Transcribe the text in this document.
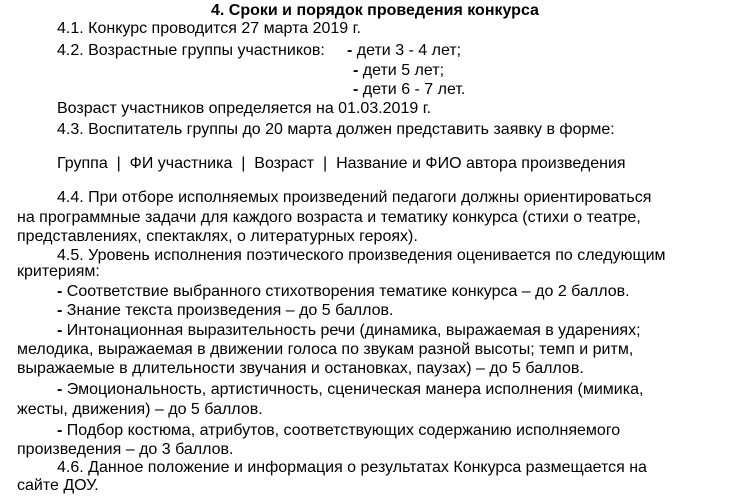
4. Сроки и порядок проведения конкурса
4.1. Конкурс проводится 27 марта 2019 г.
4.2. Возрастные группы участников: - дети 3 - 4 лет;
- дети 5 лет;
- дети 6 - 7 лет.
Возраст участников определяется на 01.03.2019 г.
4.3. Воспитатель группы до 20 марта должен представить заявку в форме:
Группа  |  ФИ участника  |  Возраст  |  Название и ФИО автора произведения
4.4. При отборе исполняемых произведений педагоги должны ориентироваться
на программные задачи для каждого возраста и тематику конкурса (стихи о театре,
представлениях, спектаклях, о литературных героях).
4.5. Уровень исполнения поэтического произведения оценивается по следующим
критериям:
- Соответствие выбранного стихотворения тематике конкурса – до 2 баллов.
- Знание текста произведения – до 5 баллов.
- Интонационная выразительность речи (динамика, выражаемая в ударениях;
мелодика, выражаемая в движении голоса по звукам разной высоты; темп и ритм,
выражаемые в длительности звучания и остановках, паузах) – до 5 баллов.
- Эмоциональность, артистичность, сценическая манера исполнения (мимика,
жесты, движения) – до 5 баллов.
- Подбор костюма, атрибутов, соответствующих содержанию исполняемого
произведения – до 3 баллов.
4.6. Данное положение и информация о результатах Конкурса размещается на
сайте ДОУ.
